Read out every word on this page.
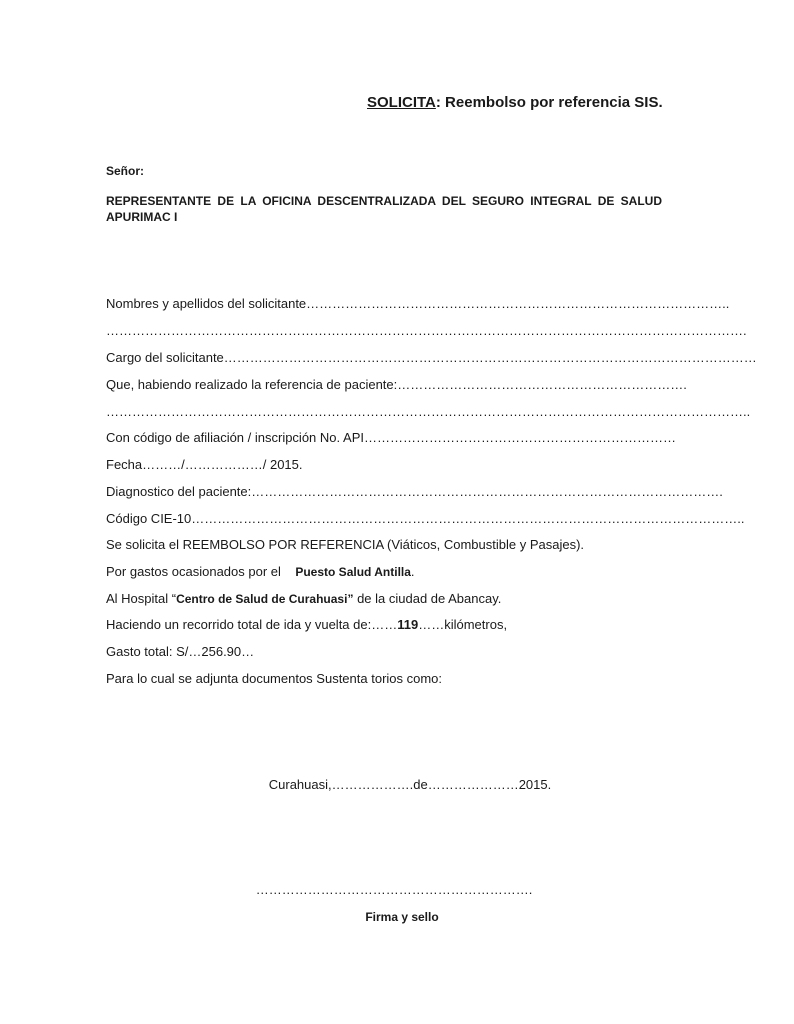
SOLICITA: Reembolso por referencia SIS.
Señor:
REPRESENTANTE DE LA OFICINA DESCENTRALIZADA DEL SEGURO INTEGRAL DE SALUD APURIMAC I
Nombres y apellidos del solicitante……………………………………………………………………………………..
………………………………………………………………………………………………………………………………….
Cargo del solicitante……………………………………………………………………………………………………………
Que, habiendo realizado la referencia de paciente:………………………………………………………….
…………………………………………………………………………………………………………………………………..
Con código de afiliación / inscripción No. API………………………………………………………………
Fecha………/………………/ 2015.
Diagnostico del paciente:……………………………………………………………………………………………….
Código CIE-10………………………………………………………………………………………………………………..
Se solicita el REEMBOLSO POR REFERENCIA (Viáticos, Combustible y Pasajes).
Por gastos ocasionados por el Puesto Salud Antilla.
Al Hospital “Centro de Salud de Curahuasi” de la ciudad de Abancay.
Haciendo un recorrido total de ida y vuelta de:……119……kilómetros,
Gasto total: S/…256.90…
Para lo cual se adjunta documentos Sustenta torios como:
Curahuasi,……………….de…………………2015.
……………………………………………………….
Firma y sello
